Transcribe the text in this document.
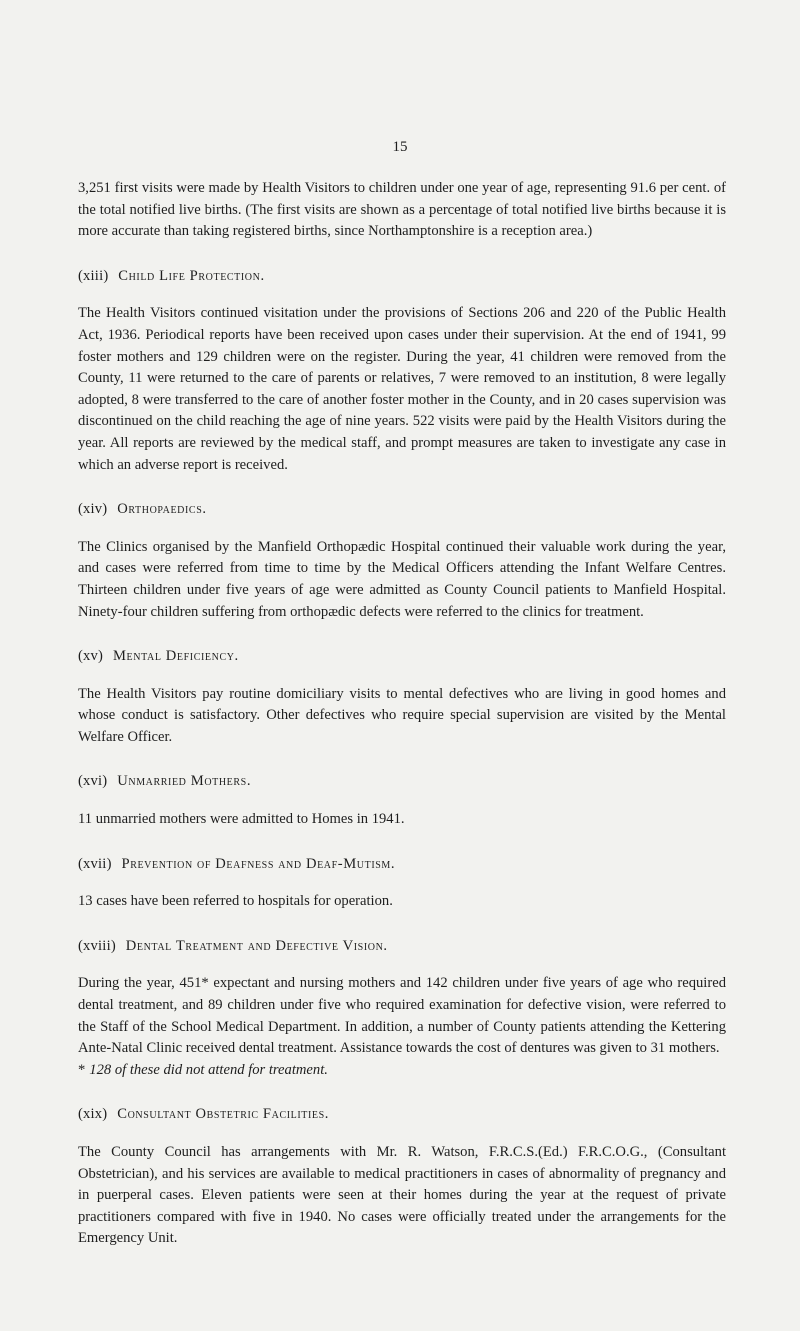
15

3,251 first visits were made by Health Visitors to children under one year of age, representing 91.6 per cent. of the total notified live births. (The first visits are shown as a percentage of total notified live births because it is more accurate than taking registered births, since Northamptonshire is a reception area.)

(xiii) Child Life Protection.

The Health Visitors continued visitation under the provisions of Sections 206 and 220 of the Public Health Act, 1936. Periodical reports have been received upon cases under their supervision. At the end of 1941, 99 foster mothers and 129 children were on the register. During the year, 41 children were removed from the County, 11 were returned to the care of parents or relatives, 7 were removed to an institution, 8 were legally adopted, 8 were transferred to the care of another foster mother in the County, and in 20 cases supervision was discontinued on the child reaching the age of nine years. 522 visits were paid by the Health Visitors during the year. All reports are reviewed by the medical staff, and prompt measures are taken to investigate any case in which an adverse report is received.

(xiv) Orthopaedics.

The Clinics organised by the Manfield Orthopædic Hospital continued their valuable work during the year, and cases were referred from time to time by the Medical Officers attending the Infant Welfare Centres. Thirteen children under five years of age were admitted as County Council patients to Manfield Hospital. Ninety-four children suffering from orthopædic defects were referred to the clinics for treatment.

(xv) Mental Deficiency.

The Health Visitors pay routine domiciliary visits to mental defectives who are living in good homes and whose conduct is satisfactory. Other defectives who require special supervision are visited by the Mental Welfare Officer.

(xvi) Unmarried Mothers.

11 unmarried mothers were admitted to Homes in 1941.

(xvii) Prevention of Deafness and Deaf-Mutism.

13 cases have been referred to hospitals for operation.

(xviii) Dental Treatment and Defective Vision.

During the year, 451* expectant and nursing mothers and 142 children under five years of age who required dental treatment, and 89 children under five who required examination for defective vision, were referred to the Staff of the School Medical Department. In addition, a number of County patients attending the Kettering Ante-Natal Clinic received dental treatment. Assistance towards the cost of dentures was given to 31 mothers.

* 128 of these did not attend for treatment.

(xix) Consultant Obstetric Facilities.

The County Council has arrangements with Mr. R. Watson, F.R.C.S.(Ed.) F.R.C.O.G., (Consultant Obstetrician), and his services are available to medical practitioners in cases of abnormality of pregnancy and in puerperal cases. Eleven patients were seen at their homes during the year at the request of private practitioners compared with five in 1940. No cases were officially treated under the arrangements for the Emergency Unit.
